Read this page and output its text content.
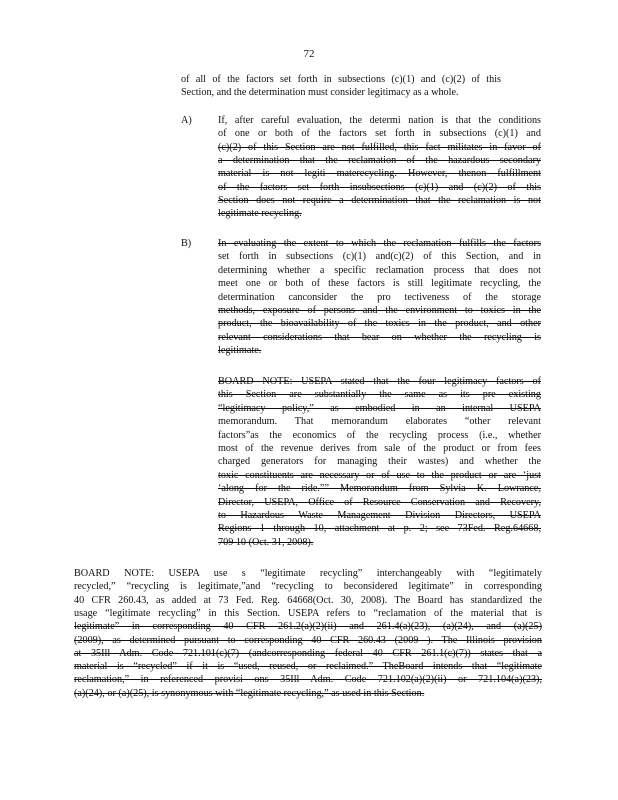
72
of all of the factors set forth in subsections (c)(1) and (c)(2) of this
Section, and the determination must consider legitimacy as a whole.
A)	If, after careful evaluation, the determi nation is that the conditions
of one or both of the factors set forth in subsections (c)(1) and
(c)(2) of this Section are not fulfilled, this fact militates in favor of
a determination that the reclamation of the hazardous secondary
material is not legiti materecycling. However, thenon fulfillment
of the factors set forth insubsections (c)(1) and (c)(2) of this
Section does not require a determination that the reclamation is not
legitimate recycling.
B)	In evaluating the extent to which the reclamation fulfills the factors
set forth in subsections (c)(1) and(c)(2) of this Section, and in
determining whether a specific reclamation process that does not
meet one or both of these factors is still legitimate recycling, the
determination canconsider the pro tectiveness of the storage
methods, exposure of persons and the environment to toxics in the
product, the bioavailability of the toxics in the product, and other
relevant considerations that bear on whether the recycling is
legitimate.
BOARD NOTE: USEPA stated that the four legitimacy factors of
this Section are substantially the same as its pre existing
“legitimacy policy,” as embodied in an internal USEPA
memorandum. That memorandum elaborates “other relevant
factors”as the economics of the recycling process (i.e., whether
most of the revenue derives from sale of the product or from fees
charged generators for managing their wastes) and whether the
toxic constituents are necessary or of use to the product or are ‘just
‘along for the ride.”” Memorandum from Sylvia K. Lowrance,
Director, USEPA, Office of Resource Conservation and Recovery,
to Hazardous Waste Management Division Directors, USEPA
Regions 1 through 10, attachment at p. 2; see 73Fed. Reg.64668,
709 10 (Oct. 31, 2008).
BOARD NOTE: USEPA use s “legitimate recycling” interchangeably with “legitimately
recycled,” “recycling is legitimate,”and “recycling to beconsidered legitimate” in corresponding
40 CFR 260.43, as added at 73 Fed. Reg. 64668(Oct. 30, 2008). The Board has standardized the
usage “legitimate recycling” in this Section. USEPA refers to “reclamation of the material that is
legitimate” in corresponding 40 CFR 261.2(a)(2)(ii) and 261.4(a)(23), (a)(24), and (a)(25)
(2009), as determined pursuant to corresponding 40 CFR 260.43 (2009 ). The Illinois provision
at 35Ill Adm. Code 721.101(c)(7) (andcorresponding federal 40 CFR 261.1(c)(7)) states that a
material is “recycled” if it is “used, reused, or reclaimed.” TheBoard intends that “legitimate
reclamation,” in referenced provisi ons 35Ill Adm. Code 721.102(a)(2)(ii) or 721.104(a)(23),
(a)(24), or (a)(25), is synonymous with “legitimate recycling,” as used in this Section.
